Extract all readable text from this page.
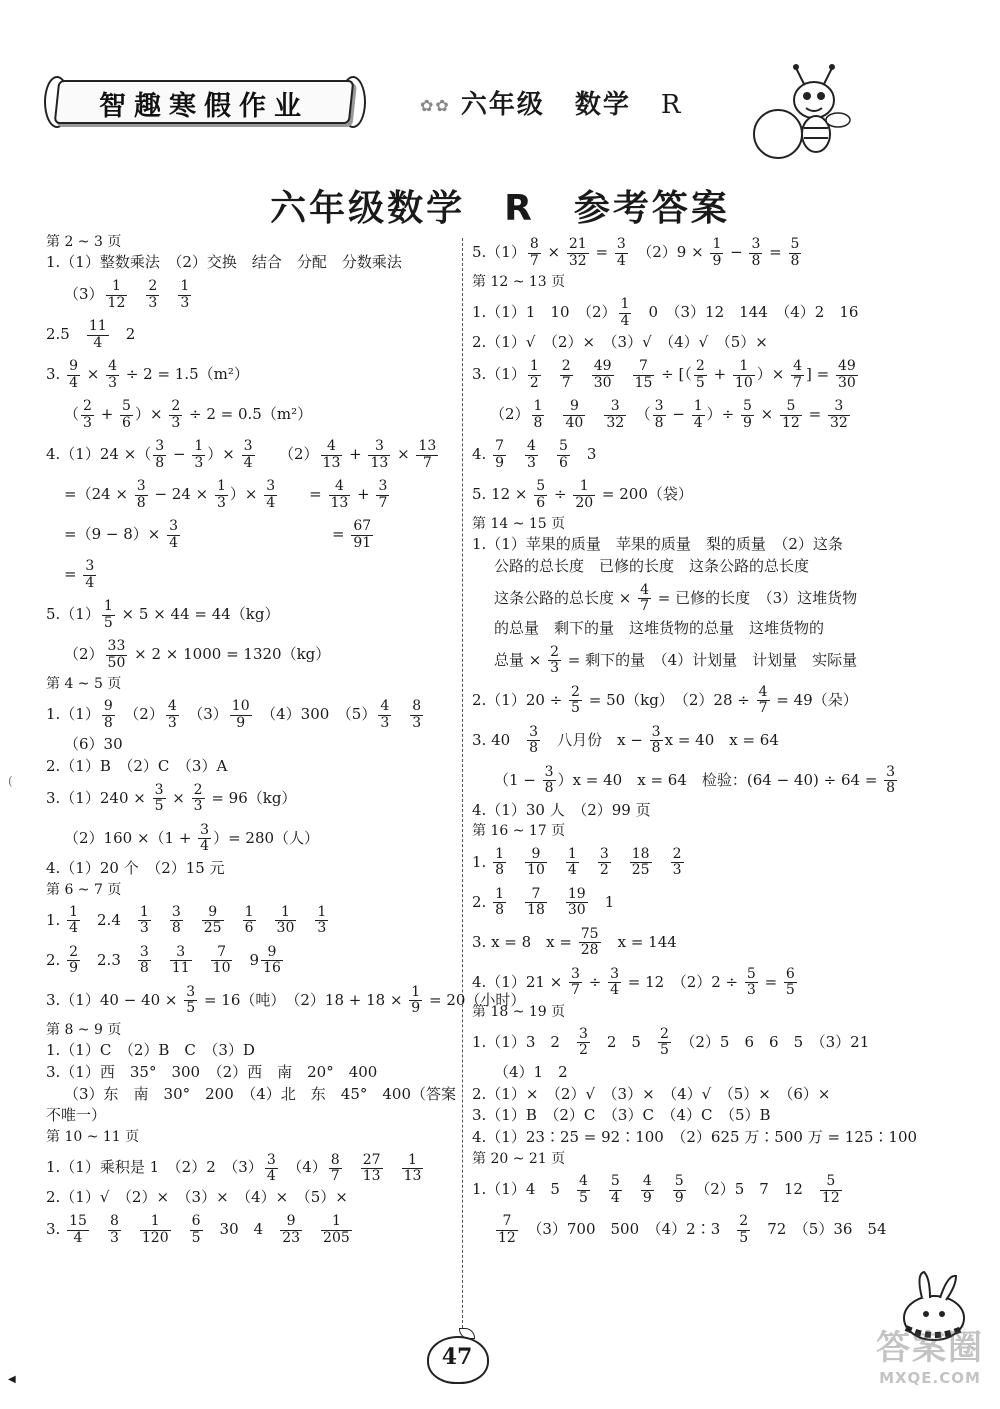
智趣寒假作业	✿✿ 六年级 数学 R
六年级数学　R　参考答案
(
第 2 ~ 3 页
1.（1）整数乘法　（2）交换　结合　分配　分数乘法
$(3) \frac{1}{12}$
　 $\frac{2}{3}$
　 $\frac{1}{3}$
2.5　 $\frac{11}{4}$ 　2
3. $\frac{9}{4} \times \frac{4}{3} \div 2 = 1.5(m^2)$
（ $\frac{2}{3} + \frac{5}{6}$ ）× $\frac{2}{3} \div 2 = 0.5(m^2)$
4.（1）24 ×（ $\frac{3}{8} - \frac{1}{3}$ ）× $\frac{3}{4}$ 　　$(2) \frac{4}{13} + \frac{3}{13} \times \frac{13}{7}$
$=(24 \times \frac{3}{8} - 24 \times \frac{1}{3}$ ）× $\frac{3}{4}$ 　　= $\frac{4}{13} + \frac{3}{7}$
$=(9 - 8)\times \frac{3}{4}$ 　　　　　　　　　　= $\frac{67}{91}$
= $\frac{3}{4}$
$5.(1) \frac{1}{5} \times 5 \times 44 = 44(kg)$
$(2) \frac{33}{50} \times 2 \times 1000 = 1320(kg)$
第 4 ~ 5 页
$1.(1) \frac{9}{8}$ 　$(2) \frac{4}{3}$ 　$(3) \frac{10}{9}$ 　（4）300　$(5) \frac{4}{3}$
　 $\frac{8}{3}$
（6）30
2.（1）B　（2）C　（3）A
$3.(1)240 \times \frac{3}{5} \times \frac{2}{3} = 96(kg)$
$(2)160 \times(1 + \frac{3}{4}$ ）= 280（人）
4.（1）20 个　（2）15 元
第 6 ~ 7 页
1. $\frac{1}{4}$ 　2.4　 $\frac{1}{3}$
　 $\frac{3}{8}$
　 $\frac{9}{25}$
　 $\frac{1}{6}$
　 $\frac{1}{30}$
　 $\frac{1}{3}$
2. $\frac{2}{9}$ 　2.3　 $\frac{3}{8}$
　 $\frac{3}{11}$
　 $\frac{7}{10}$ 　$9 \frac{9}{16}$
$3.(1)40 - 40 \times \frac{3}{5} = 16$（吨）　$(2)18 + 18 \times \frac{1}{9} = 20$（小时）
第 8 ~ 9 页
1.（1）C　（2）B　C　（3）D
3.（1）西　35°　300　（2）西　南　20°　400
（3）东　南　30°　200　（4）北　东　45°　400（答案
不唯一）
第 10 ~ 11 页
1.（1）乘积是 1　（2）2　$(3) \frac{3}{4}$ 　$(4) \frac{8}{7}$
　 $\frac{27}{13}$
　 $\frac{1}{13}$
2.（1）√　（2）×　（3）×　（4）×　（5）×
3. $\frac{15}{4}$
　 $\frac{8}{3}$
　 $\frac{1}{120}$
　 $\frac{6}{5}$ 　30　4　 $\frac{9}{23}$
　 $\frac{1}{205}$
$5.(1) \frac{8}{7} \times \frac{21}{32} = \frac{3}{4}$ 　$(2)9 \times \frac{1}{9} - \frac{3}{8} = \frac{5}{8}$
第 12 ~ 13 页
1.（1）1　10　$(2) \frac{1}{4}$ 　0　（3）12　144　（4）2　16
2.（1）√　（2）×　（3）√　（4）√　（5）×
$3.(1) \frac{1}{2}$
　 $\frac{2}{7}$
　 $\frac{49}{30}$
　 $\frac{7}{15}$ ÷ [（ $\frac{2}{5} + \frac{1}{10}$ ）× $\frac{4}{7}$ ] = $\frac{49}{30}$
$(2) \frac{1}{8}$
　 $\frac{9}{40}$
　 $\frac{3}{32}$ 　（ $\frac{3}{8} - \frac{1}{4}$ ）÷ $\frac{5}{9} \times \frac{5}{12} = \frac{3}{32}$
4. $\frac{7}{9}$
　 $\frac{4}{3}$
　 $\frac{5}{6}$ 　3
5. $12 \times \frac{5}{6} \div \frac{1}{20} = 200$（袋）
第 14 ~ 15 页
1.（1）苹果的质量　苹果的质量　梨的质量　（2）这条
公路的总长度　已修的长度　这条公路的总长度
这条公路的总长度 × $\frac{4}{7}$ = 已修的长度　（3）这堆货物
的总量　剩下的量　这堆货物的总量　这堆货物的
总量 × $\frac{2}{3}$ = 剩下的量　（4）计划量　计划量　实际量
$2.(1)20 \div \frac{2}{5} = 50(kg)$　$(2)28 \div \frac{4}{7} = 49$（朵）
3. 40　 $\frac{3}{8}$ 　八月份　$x - \frac{3}{8}$ x = 40　x = 64
$(1 - \frac{3}{8} )x = 40$　x = 64　检验：$(64 - 40) \div 64 = \frac{3}{8}$
4.（1）30 人　（2）99 页
第 16 ~ 17 页
1. $\frac{1}{8}$
　 $\frac{9}{10}$
　 $\frac{1}{4}$
　 $\frac{3}{2}$
　 $\frac{18}{25}$
　 $\frac{2}{3}$
2. $\frac{1}{8}$
　 $\frac{7}{18}$
　 $\frac{19}{30}$ 　1
3. x = 8　$x = \frac{75}{28}$ 　x = 144
$4.(1)21 \times \frac{3}{7} \div \frac{3}{4} = 12$　$(2)2 \div \frac{5}{3} = \frac{6}{5}$
第 18 ~ 19 页
1.（1）3　2　 $\frac{3}{2}$ 　2　5　 $\frac{2}{5}$ 　（2）5　6　6　5　（3）21
（4）1　2
2.（1）×　（2）√　（3）×　（4）√　（5）×　（6）×
3.（1）B　（2）C　（3）C　（4）C　（5）B
4.（1）23∶25 = 92∶100　（2）625 万∶500 万 = 125∶100
第 20 ~ 21 页
1.（1）4　5　 $\frac{4}{5}$
　 $\frac{5}{4}$
　 $\frac{4}{9}$
　 $\frac{5}{9}$ 　（2）5　7　12　 $\frac{5}{12}$
$\frac{7}{12}$ 　（3）700　500　（4）2∶3　 $\frac{2}{5}$ 　72　（5）36　54
47	答案圈
MXQE.COM
◀
